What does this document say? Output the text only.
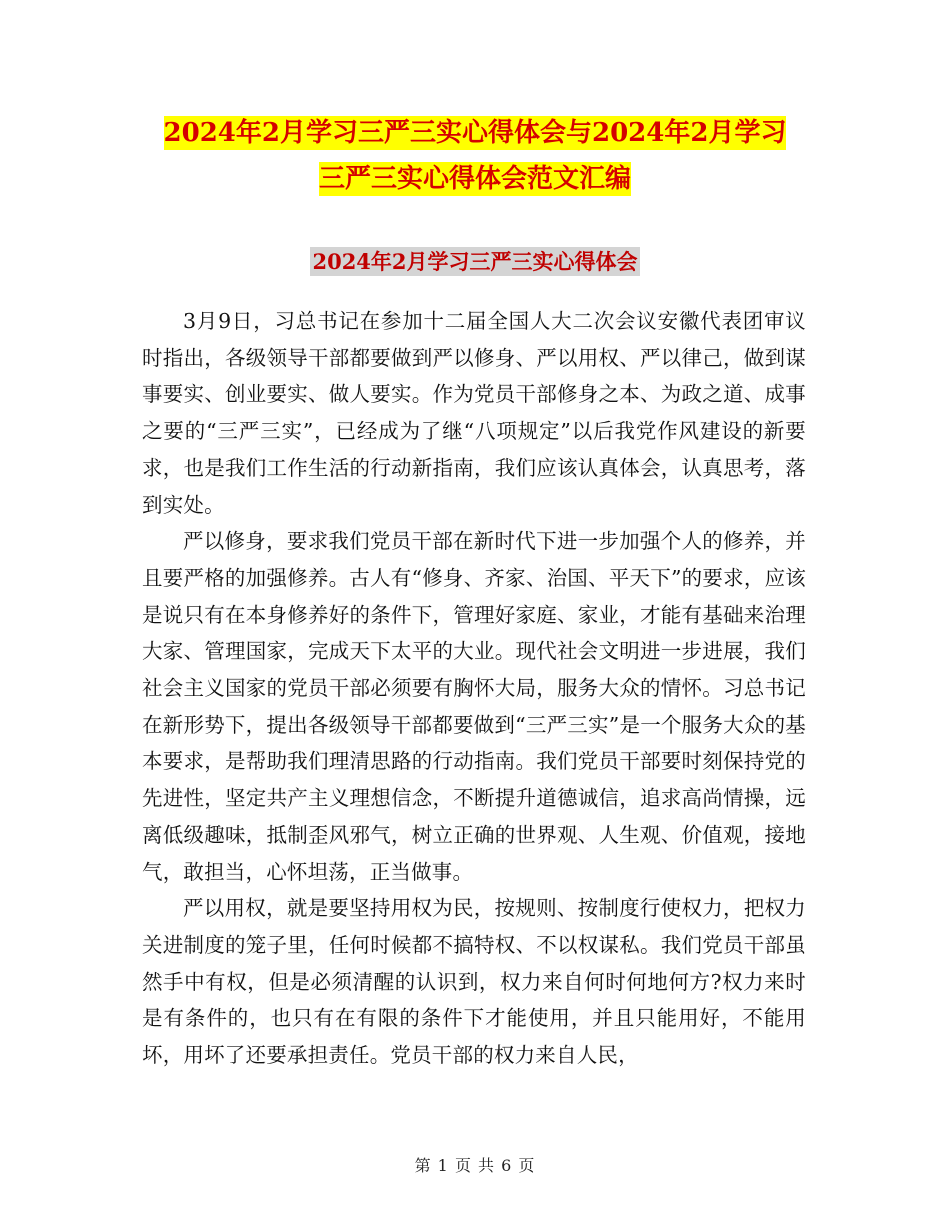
2024年2月学习三严三实心得体会与2024年2月学习
三严三实心得体会范文汇编
2024年2月学习三严三实心得体会

3月9日，习总书记在参加十二届全国人大二次会议安徽代表团审议时指出，各级领导干部都要做到严以修身、严以用权、严以律己，做到谋事要实、创业要实、做人要实。作为党员干部修身之本、为政之道、成事之要的“三严三实”，已经成为了继“八项规定”以后我党作风建设的新要求，也是我们工作生活的行动新指南，我们应该认真体会，认真思考，落到实处。

严以修身，要求我们党员干部在新时代下进一步加强个人的修养，并且要严格的加强修养。古人有“修身、齐家、治国、平天下”的要求，应该是说只有在本身修养好的条件下，管理好家庭、家业，才能有基础来治理大家、管理国家，完成天下太平的大业。现代社会文明进一步进展，我们社会主义国家的党员干部必须要有胸怀大局，服务大众的情怀。习总书记在新形势下，提出各级领导干部都要做到“三严三实”是一个服务大众的基本要求，是帮助我们理清思路的行动指南。我们党员干部要时刻保持党的先进性，坚定共产主义理想信念，不断提升道德诚信，追求高尚情操，远离低级趣味，抵制歪风邪气，树立正确的世界观、人生观、价值观，接地气，敢担当，心怀坦荡，正当做事。

严以用权，就是要坚持用权为民，按规则、按制度行使权力，把权力关进制度的笼子里，任何时候都不搞特权、不以权谋私。我们党员干部虽然手中有权，但是必须清醒的认识到，权力来自何时何地何方?权力来时是有条件的，也只有在有限的条件下才能使用，并且只能用好，不能用坏，用坏了还要承担责任。党员干部的权力来自人民，

第 1 页 共 6 页
